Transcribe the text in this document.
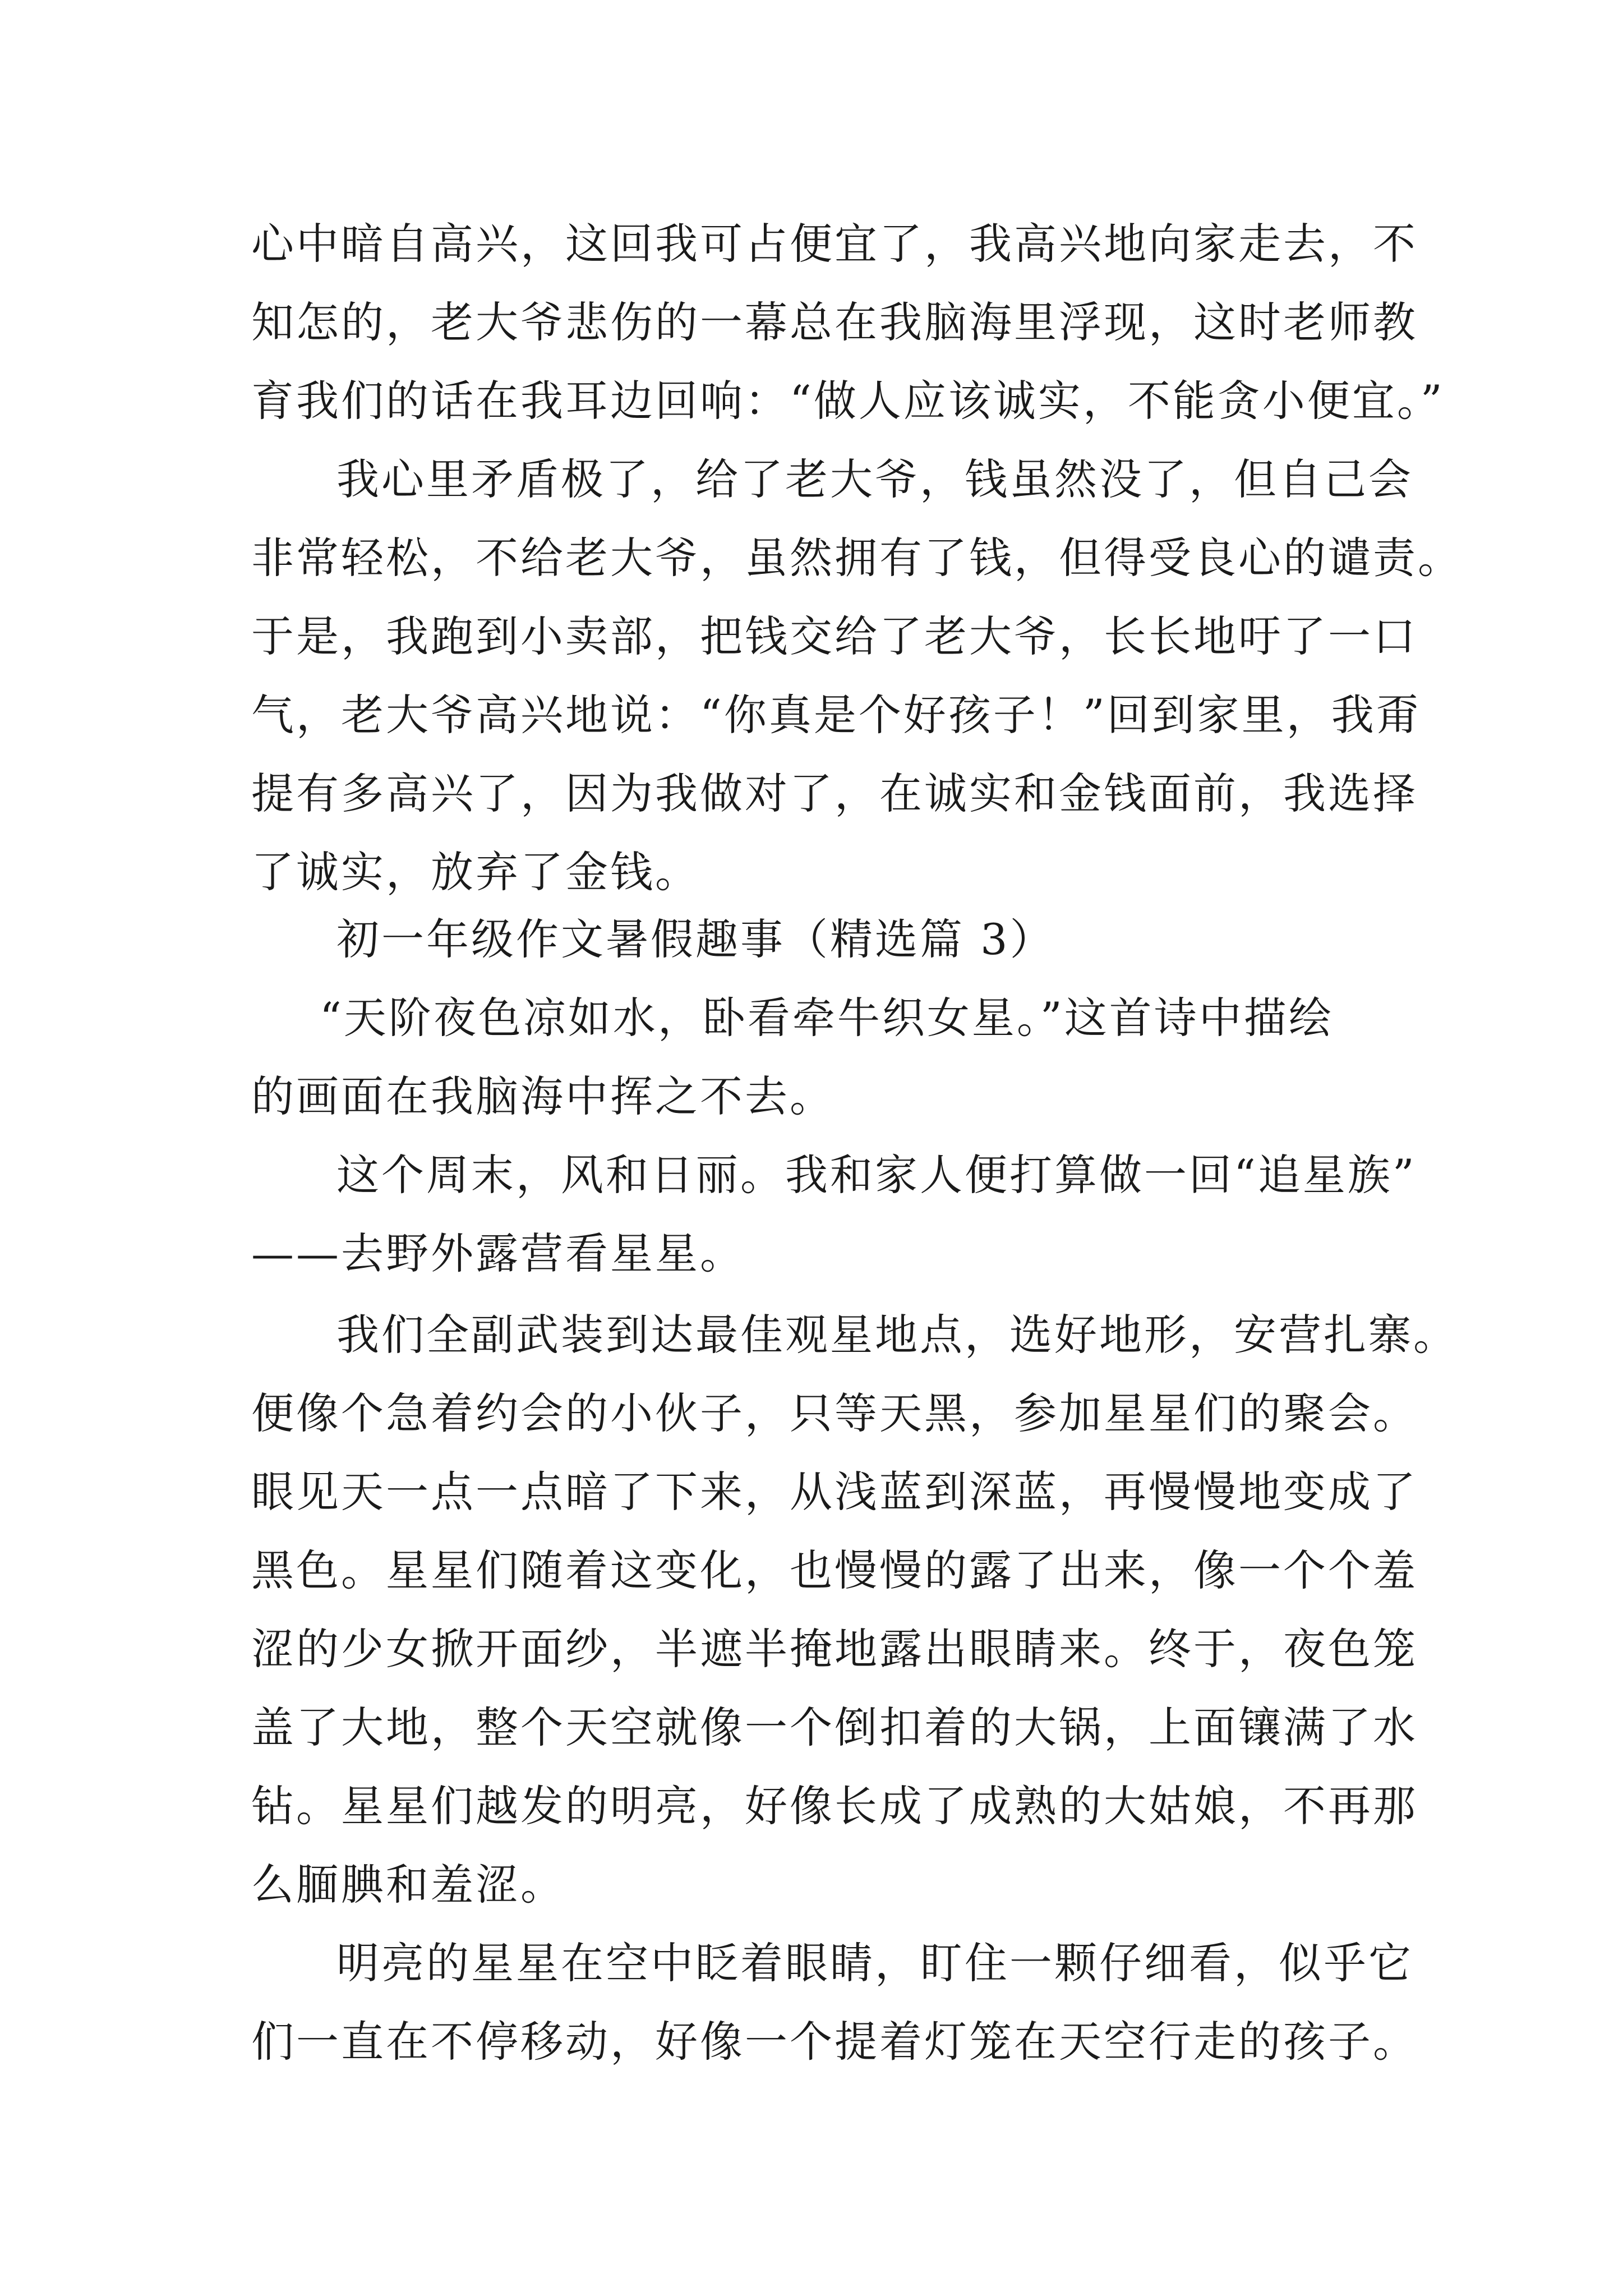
心中暗自高兴，这回我可占便宜了，我高兴地向家走去，不
知怎的，老大爷悲伤的一幕总在我脑海里浮现，这时老师教
育我们的话在我耳边回响：“做人应该诚实，不能贪小便宜。”
我心里矛盾极了，给了老大爷，钱虽然没了，但自己会
非常轻松，不给老大爷，虽然拥有了钱，但得受良心的谴责。
于是，我跑到小卖部，把钱交给了老大爷，长长地吁了一口
气，老大爷高兴地说：“你真是个好孩子！”回到家里，我甭
提有多高兴了，因为我做对了，在诚实和金钱面前，我选择
了诚实，放弃了金钱。
初一年级作文暑假趣事（精选篇 3）
“天阶夜色凉如水，卧看牵牛织女星。”这首诗中描绘
的画面在我脑海中挥之不去。
这个周末，风和日丽。我和家人便打算做一回“追星族”
——去野外露营看星星。
我们全副武装到达最佳观星地点，选好地形，安营扎寨。
便像个急着约会的小伙子，只等天黑，参加星星们的聚会。
眼见天一点一点暗了下来，从浅蓝到深蓝，再慢慢地变成了
黑色。星星们随着这变化，也慢慢的露了出来，像一个个羞
涩的少女掀开面纱，半遮半掩地露出眼睛来。终于，夜色笼
盖了大地，整个天空就像一个倒扣着的大锅，上面镶满了水
钻。星星们越发的明亮，好像长成了成熟的大姑娘，不再那
么腼腆和羞涩。
明亮的星星在空中眨着眼睛，盯住一颗仔细看，似乎它
们一直在不停移动，好像一个提着灯笼在天空行走的孩子。
